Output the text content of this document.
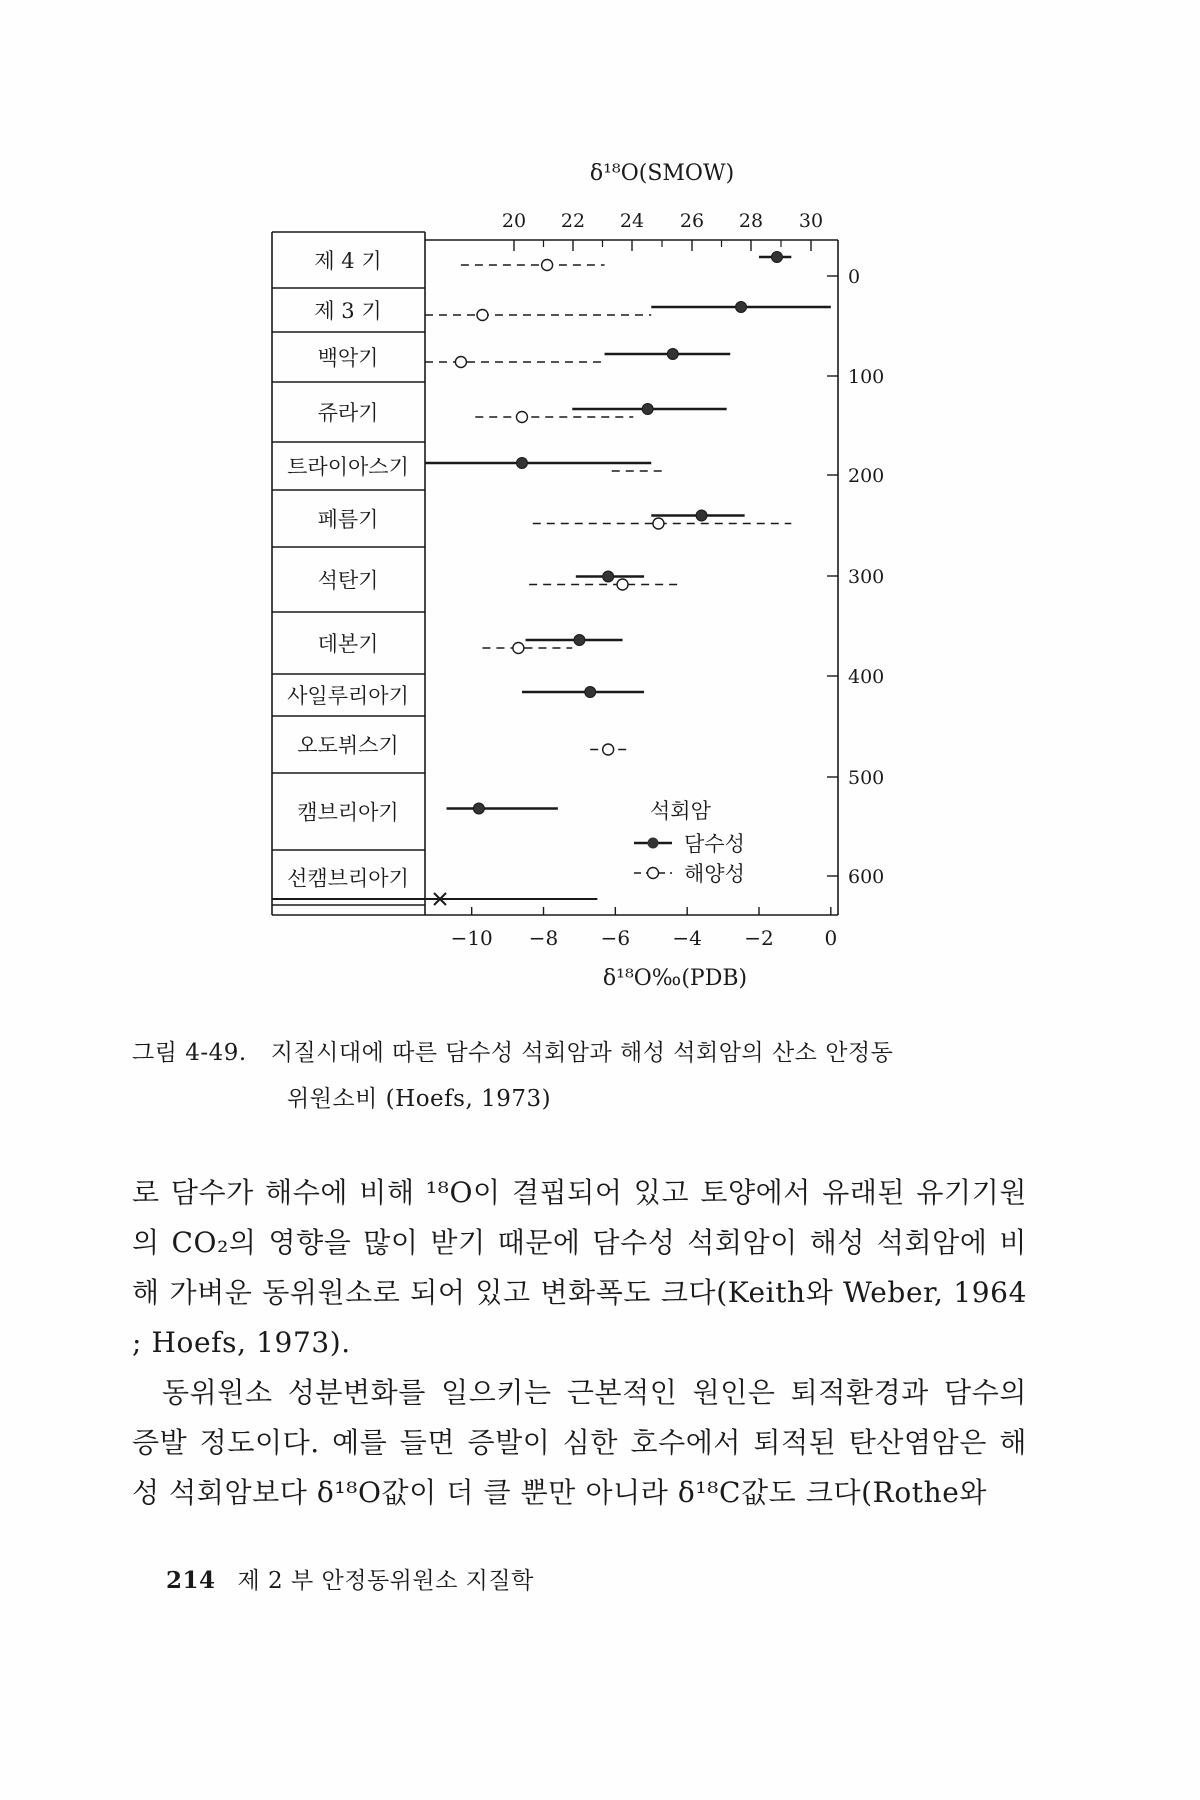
δ¹⁸O(SMOW)
20 22 24 26 28 30
제 4 기
제 3 기
백악기
쥬라기
트라이아스기
페름기
석탄기
데본기
사일루리아기
오도뷔스기
캠브리아기
선캠브리아기
0
100
200
300
400
500
600
−10 −8 −6 −4 −2	0
석회암
담수성
해양성
δ¹⁸O‰(PDB)
그림 4-49. 지질시대에 따른 담수성 석회암과 해성 석회암의 산소 안정동
위원소비 (Hoefs, 1973)

로 담수가 해수에 비해 ¹⁸O이 결핍되어 있고 토양에서 유래된 유기기원의 CO₂의 영향을 많이 받기 때문에 담수성 석회암이 해성 석회암에 비해 가벼운 동위원소로 되어 있고 변화폭도 크다(Keith와 Weber, 1964 ; Hoefs, 1973).

동위원소 성분변화를 일으키는 근본적인 원인은 퇴적환경과 담수의 증발 정도이다. 예를 들면 증발이 심한 호수에서 퇴적된 탄산염암은 해성 석회암보다 δ¹⁸O값이 더 클 뿐만 아니라 δ¹⁸C값도 크다(Rothe와

214 제 2 부 안정동위원소 지질학
